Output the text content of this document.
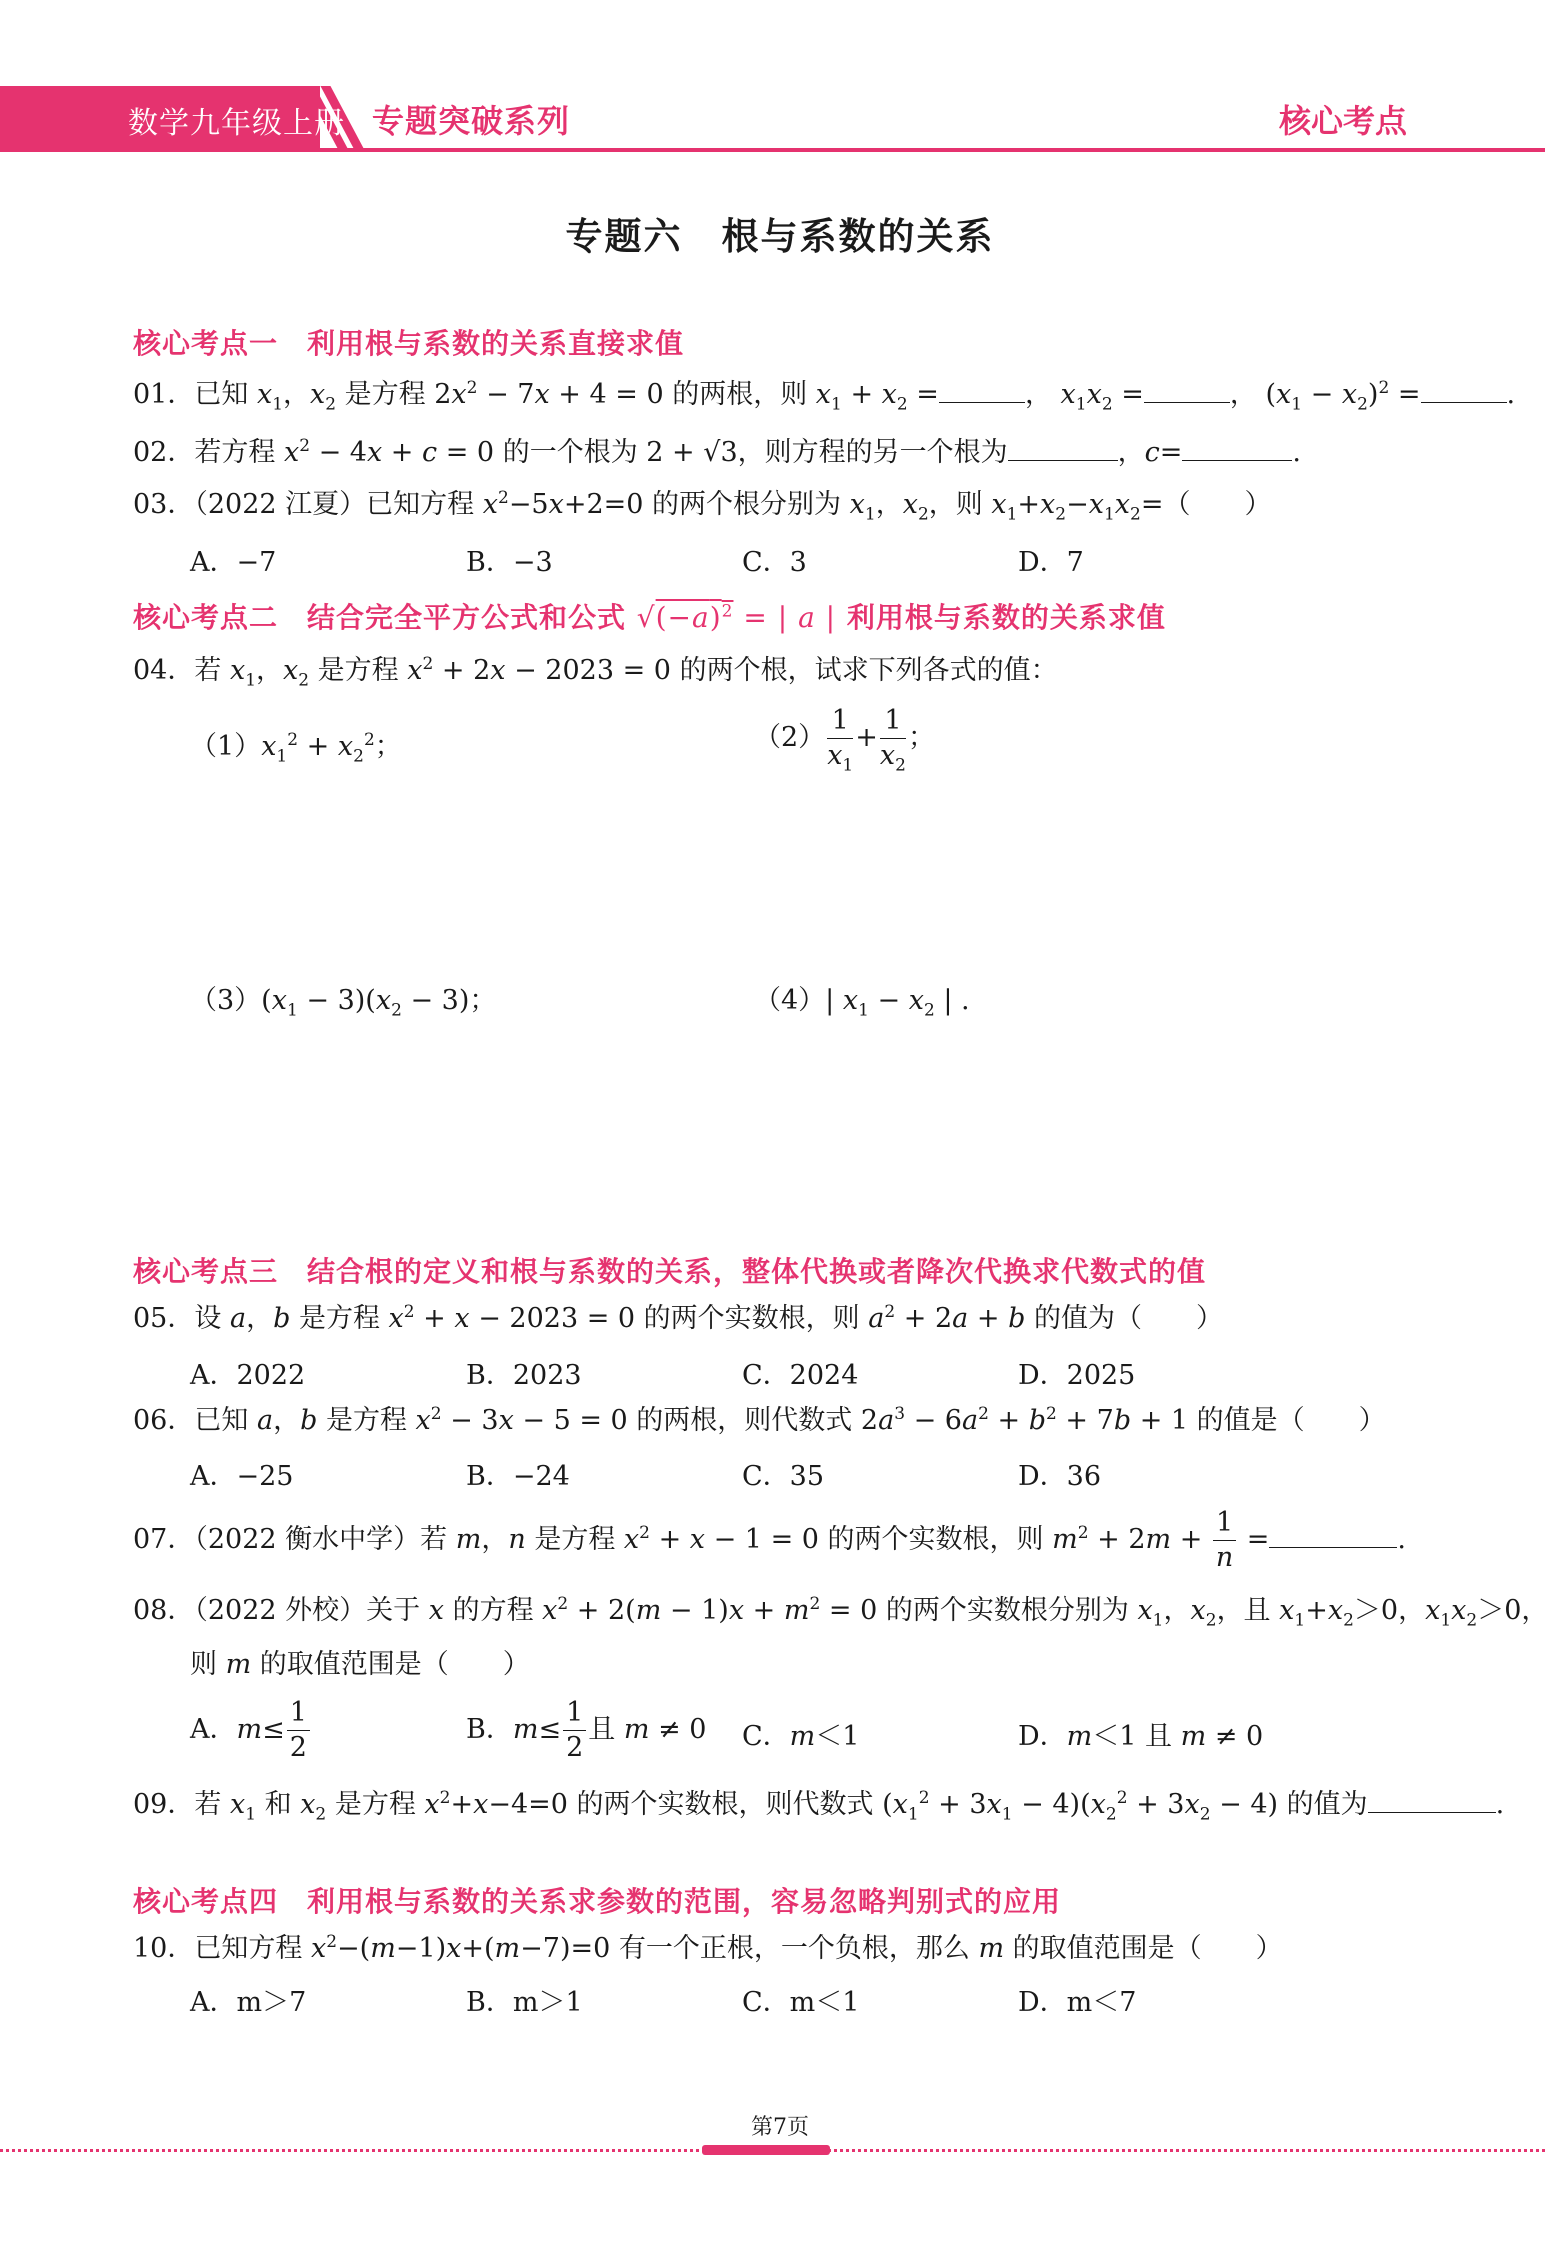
数学九年级上册 专题突破系列	核心考点
专题六　根与系数的关系
核心考点一　利用根与系数的关系直接求值
01．已知 $x_1$，$x_2$ 是方程 $2x^2 - 7x + 4 = 0$ 的两根，则 $x_1 + x_2$ =	， $x_1x_2$ =	， $(x_1 - x_2)^2$ =	.
02．若方程 $x^2 - 4x + c = 0$ 的一个根为 2 + √3，则方程的另一个根为	，c=	.
03．（2022 江夏）已知方程 $x^2-5x+2=0$ 的两个根分别为 $x_1$，$x_2$，则 $x_1+x_2-x_1x_2=$（　　）
A．−7	B．−3	C．3	D．7
核心考点二　结合完全平方公式和公式 $√(-a)^2$ = | a | 利用根与系数的关系求值
04．若 $x_1$，$x_2$ 是方程 $x^2 + 2x - 2023 = 0$ 的两个根，试求下列各式的值：
$(1)x_1^2 + x_2^2$；	$(2) \frac{1}{x_1} + \frac{1}{x_2}$ ；
$(3)(x_1 - 3)(x_2 - 3)$；	（4）| $x_1 - x_2$ | .
核心考点三　结合根的定义和根与系数的关系，整体代换或者降次代换求代数式的值
05．设 a，b 是方程 $x^2 + x - 2023 = 0$ 的两个实数根，则 $a^2 + 2a + b$ 的值为（　　）
A．2022	B．2023	C．2024	D．2025
06．已知 a，b 是方程 $x^2 - 3x - 5 = 0$ 的两根，则代数式 $2a^3 - 6a^2 + b^2 + 7b + 1$ 的值是（　　）
A．−25	B．−24	C．35	D．36
07．（2022 衡水中学）若 m，n 是方程 $x^2 + x - 1 = 0$ 的两个实数根，则 $m^2 + 2m + \frac{1}{n}$ =	.
08．（2022 外校）关于 x 的方程 $x^2 + 2(m - 1)x + m^2 = 0$ 的两个实数根分别为 $x_1$，$x_2$，且 $x_1+x_2>0$，$x_1x_2>0$，
则 m 的取值范围是（　　）
A．$m\le \frac{1}{2}$	B．$m\le \frac{1}{2}$ 且 m ≠ 0 C．m＜1	D．m＜1 且 m ≠ 0
09．若 $x_1$ 和 $x_2$ 是方程 $x^2+x-4=0$ 的两个实数根，则代数式 $(x_1^2 + 3x_1 - 4)(x_2^2 + 3x_2 - 4)$ 的值为	.
核心考点四　利用根与系数的关系求参数的范围，容易忽略判别式的应用
10．已知方程 $x^2-(m-1)x+(m-7)=0$ 有一个正根，一个负根，那么 m 的取值范围是（　　）
A．m＞7	B．m＞1	C．m＜1	D．m＜7
第7页
